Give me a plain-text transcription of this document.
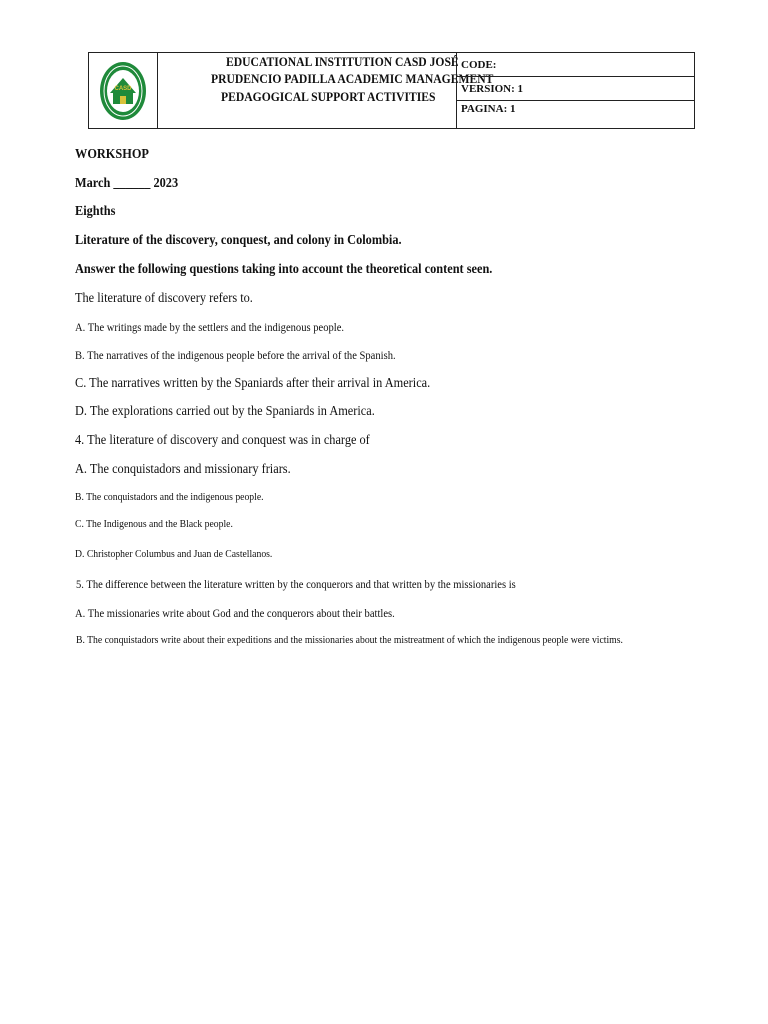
CASD
EDUCATIONAL INSTITUTION CASD JOSÉ
PRUDENCIO PADILLA ACADEMIC MANAGEMENT
PEDAGOGICAL SUPPORT ACTIVITIES
CODE:
VERSION: 1
PAGINA: 1
WORKSHOP
March ______ 2023
Eighths
Literature of the discovery, conquest, and colony in Colombia.
Answer the following questions taking into account the theoretical content seen.
The literature of discovery refers to.
A. The writings made by the settlers and the indigenous people.
B. The narratives of the indigenous people before the arrival of the Spanish.
C. The narratives written by the Spaniards after their arrival in America.
D. The explorations carried out by the Spaniards in America.
4. The literature of discovery and conquest was in charge of
A. The conquistadors and missionary friars.
B. The conquistadors and the indigenous people.
C. The Indigenous and the Black people.
D. Christopher Columbus and Juan de Castellanos.
5. The difference between the literature written by the conquerors and that written by the missionaries is
A. The missionaries write about God and the conquerors about their battles.
B. The conquistadors write about their expeditions and the missionaries about the mistreatment of which the indigenous people were victims.
